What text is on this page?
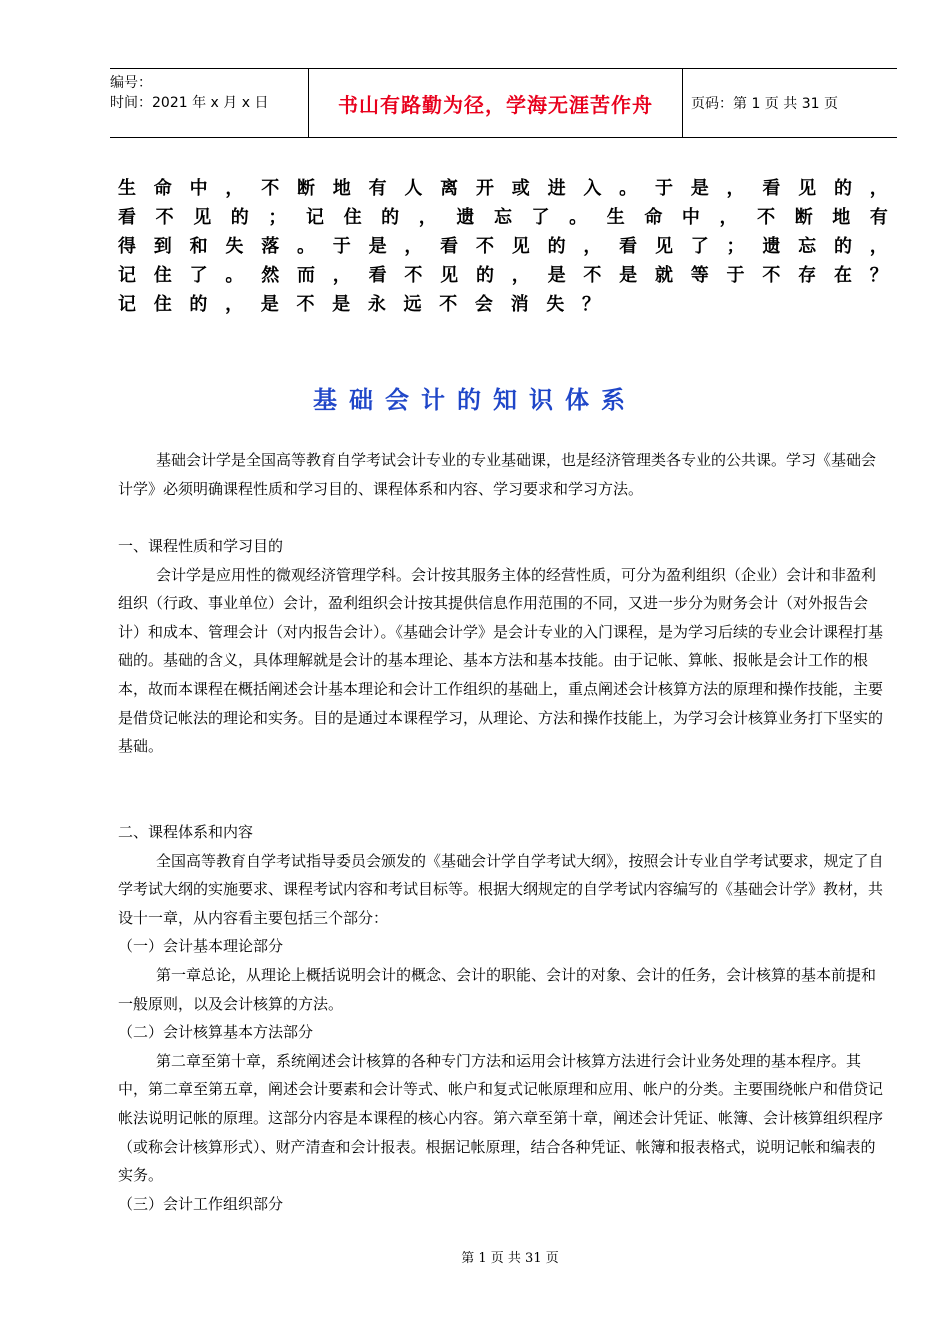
编号：
时间：2021 年 x 月 x 日	书山有路勤为径，学海无涯苦作舟	页码：第 1 页 共 31 页
生 命 中 ， 不 断 地 有 人 离 开 或 进 入 。 于 是 ， 看 见 的 ，
看 不 见 的 ； 记 住 的 ， 遗 忘 了 。 生 命 中 ， 不 断 地 有
得 到 和 失 落 。 于 是 ， 看 不 见 的 ， 看 见 了 ； 遗 忘 的 ，
记 住 了 。 然 而 ， 看 不 见 的 ， 是 不 是 就 等 于 不 存 在 ？
记 住 的 ， 是 不 是 永 远 不 会 消 失 ？
基础会计的知识体系

基础会计学是全国高等教育自学考试会计专业的专业基础课，也是经济管理类各专业的公共课。学习《基础会计学》必须明确课程性质和学习目的、课程体系和内容、学习要求和学习方法。

一、课程性质和学习目的

会计学是应用性的微观经济管理学科。会计按其服务主体的经营性质，可分为盈利组织（企业）会计和非盈利组织（行政、事业单位）会计，盈利组织会计按其提供信息作用范围的不同，又进一步分为财务会计（对外报告会计）和成本、管理会计（对内报告会计）。《基础会计学》是会计专业的入门课程，是为学习后续的专业会计课程打基础的。基础的含义，具体理解就是会计的基本理论、基本方法和基本技能。由于记帐、算帐、报帐是会计工作的根本，故而本课程在概括阐述会计基本理论和会计工作组织的基础上，重点阐述会计核算方法的原理和操作技能，主要是借贷记帐法的理论和实务。目的是通过本课程学习，从理论、方法和操作技能上，为学习会计核算业务打下坚实的基础。

二、课程体系和内容

全国高等教育自学考试指导委员会颁发的《基础会计学自学考试大纲》，按照会计专业自学考试要求，规定了自学考试大纲的实施要求、课程考试内容和考试目标等。根据大纲规定的自学考试内容编写的《基础会计学》教材，共设十一章，从内容看主要包括三个部分：

（一）会计基本理论部分

第一章总论，从理论上概括说明会计的概念、会计的职能、会计的对象、会计的任务，会计核算的基本前提和一般原则，以及会计核算的方法。

（二）会计核算基本方法部分

第二章至第十章，系统阐述会计核算的各种专门方法和运用会计核算方法进行会计业务处理的基本程序。其中，第二章至第五章，阐述会计要素和会计等式、帐户和复式记帐原理和应用、帐户的分类。主要围绕帐户和借贷记帐法说明记帐的原理。这部分内容是本课程的核心内容。第六章至第十章，阐述会计凭证、帐簿、会计核算组织程序（或称会计核算形式）、财产清查和会计报表。根据记帐原理，结合各种凭证、帐簿和报表格式，说明记帐和编表的实务。

（三）会计工作组织部分

第 1 页 共 31 页
